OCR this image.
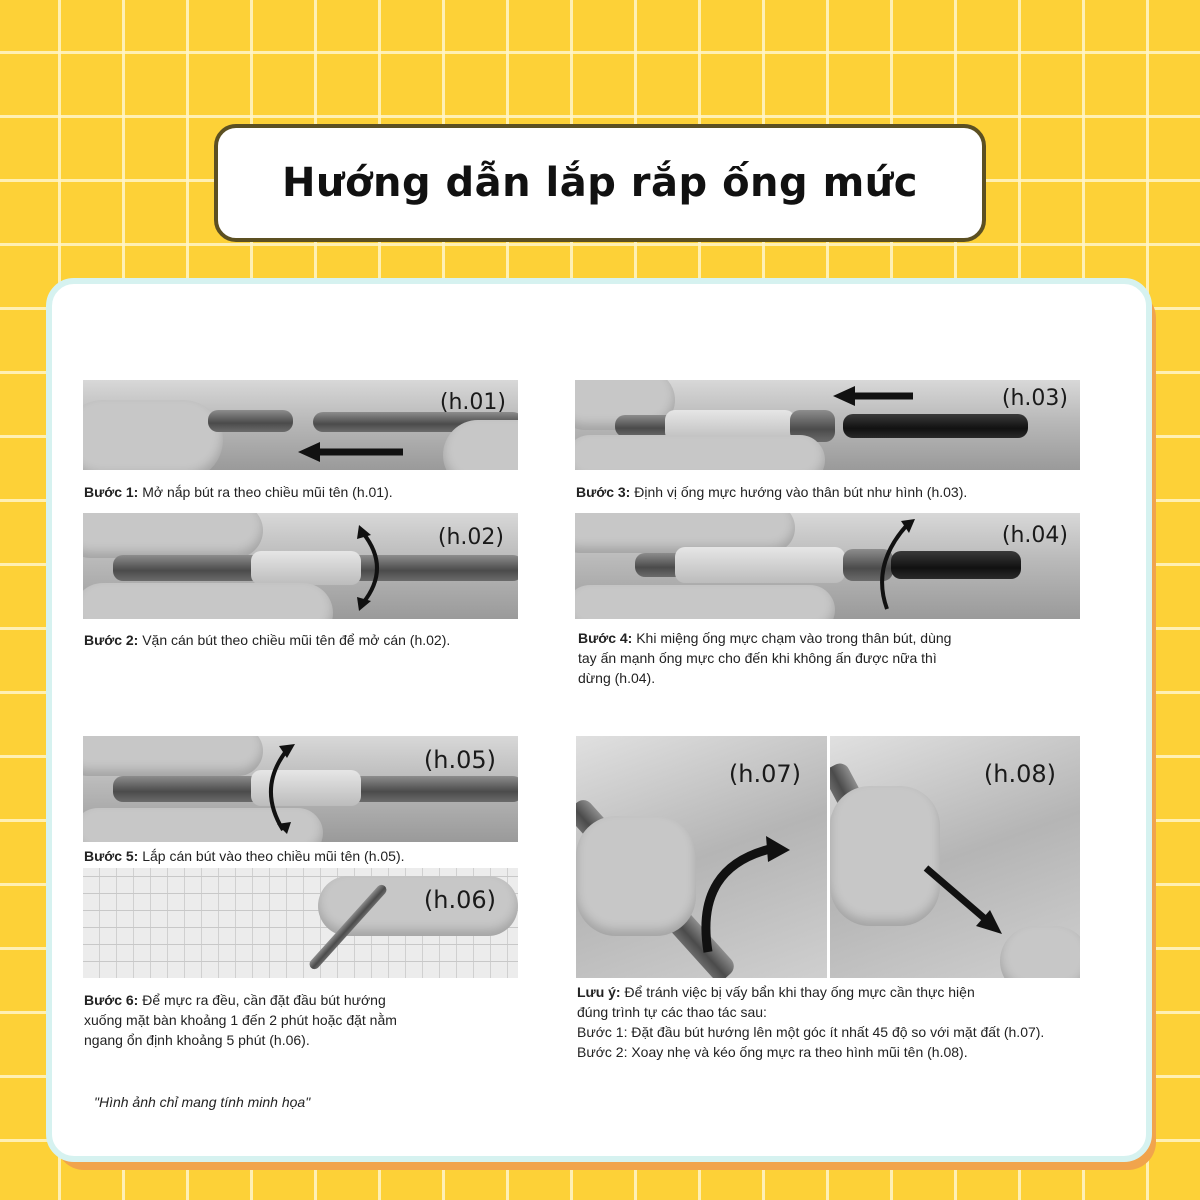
Hướng dẫn lắp rắp ống mức
(h.01)
Bước 1: Mở nắp bút ra theo chiều mũi tên (h.01).
(h.02)
Bước 2: Vặn cán bút theo chiều mũi tên để mở cán (h.02).
(h.03)
Bước 3: Định vị ống mực hướng vào thân bút như hình (h.03).
(h.04)
Bước 4: Khi miệng ống mực chạm vào trong thân bút, dùng
tay ấn mạnh ống mực cho đến khi không ấn được nữa thì
dừng (h.04).
(h.05)
Bước 5: Lắp cán bút vào theo chiều mũi tên (h.05).
(h.06)
Bước 6: Để mực ra đều, cần đặt đầu bút hướng
xuống mặt bàn khoảng 1 đến 2 phút hoặc đặt nằm
ngang ổn định khoảng 5 phút (h.06).
(h.07)	(h.08)
Lưu ý: Để tránh việc bị vấy bẩn khi thay ống mực cần thực hiện
đúng trình tự các thao tác sau:
Bước 1: Đặt đầu bút hướng lên một góc ít nhất 45 độ so với mặt đất (h.07).
Bước 2: Xoay nhẹ và kéo ống mực ra theo hình mũi tên (h.08).
"Hình ảnh chỉ mang tính minh họa"
